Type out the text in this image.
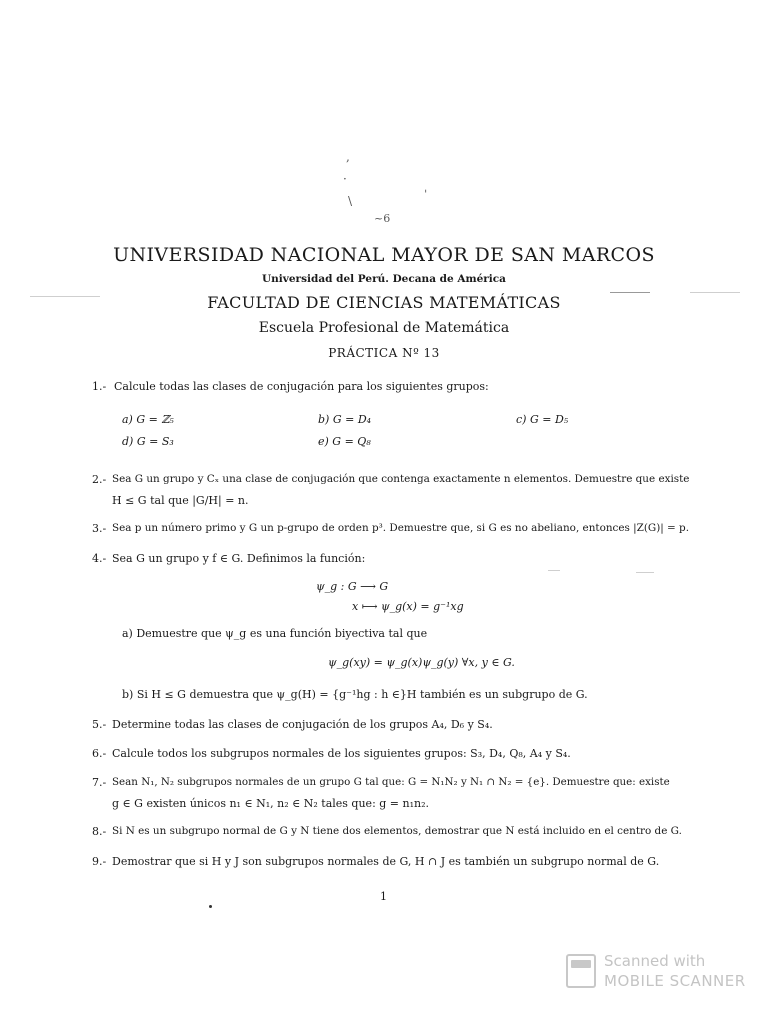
,
·
ˌ
\
~6
UNIVERSIDAD NACIONAL MAYOR DE SAN MARCOS
Universidad del Perú. Decana de América
FACULTAD DE CIENCIAS MATEMÁTICAS
Escuela Profesional de Matemática
PRÁCTICA Nº 13
1.- Calcule todas las clases de conjugación para los siguientes grupos:
a) G = ℤ₅	b) G = D₄	c) G = D₅
d) G = S₃	e) G = Q₈
2.- Sea G un grupo y Cₓ una clase de conjugación que contenga exactamente n elementos. Demuestre que existe
H ≤ G tal que |G/H| = n.
3.- Sea p un número primo y G un p-grupo de orden p³. Demuestre que, si G es no abeliano, entonces |Z(G)| = p.
4.- Sea G un grupo y f ∈ G. Definimos la función:
ψ_g : G ⟶ G
x ⟼ ψ_g(x) = g⁻¹xg
a) Demuestre que ψ_g es una función biyectiva tal que
ψ_g(xy) = ψ_g(x)ψ_g(y) ∀x, y ∈ G.
b) Si H ≤ G demuestra que ψ_g(H) = {g⁻¹hg : h ∈}H también es un subgrupo de G.
5.- Determine todas las clases de conjugación de los grupos A₄, D₆ y S₄.
6.- Calcule todos los subgrupos normales de los siguientes grupos: S₃, D₄, Q₈, A₄ y S₄.
7.- Sean N₁, N₂ subgrupos normales de un grupo G tal que: G = N₁N₂ y N₁ ∩ N₂ = {e}. Demuestre que: existe
g ∈ G existen únicos n₁ ∈ N₁, n₂ ∈ N₂ tales que: g = n₁n₂.
8.- Si N es un subgrupo normal de G y N tiene dos elementos, demostrar que N está incluido en el centro de G.
9.- Demostrar que si H y J son subgrupos normales de G, H ∩ J es también un subgrupo normal de G.
1
Scanned with
MOBILE SCANNER
